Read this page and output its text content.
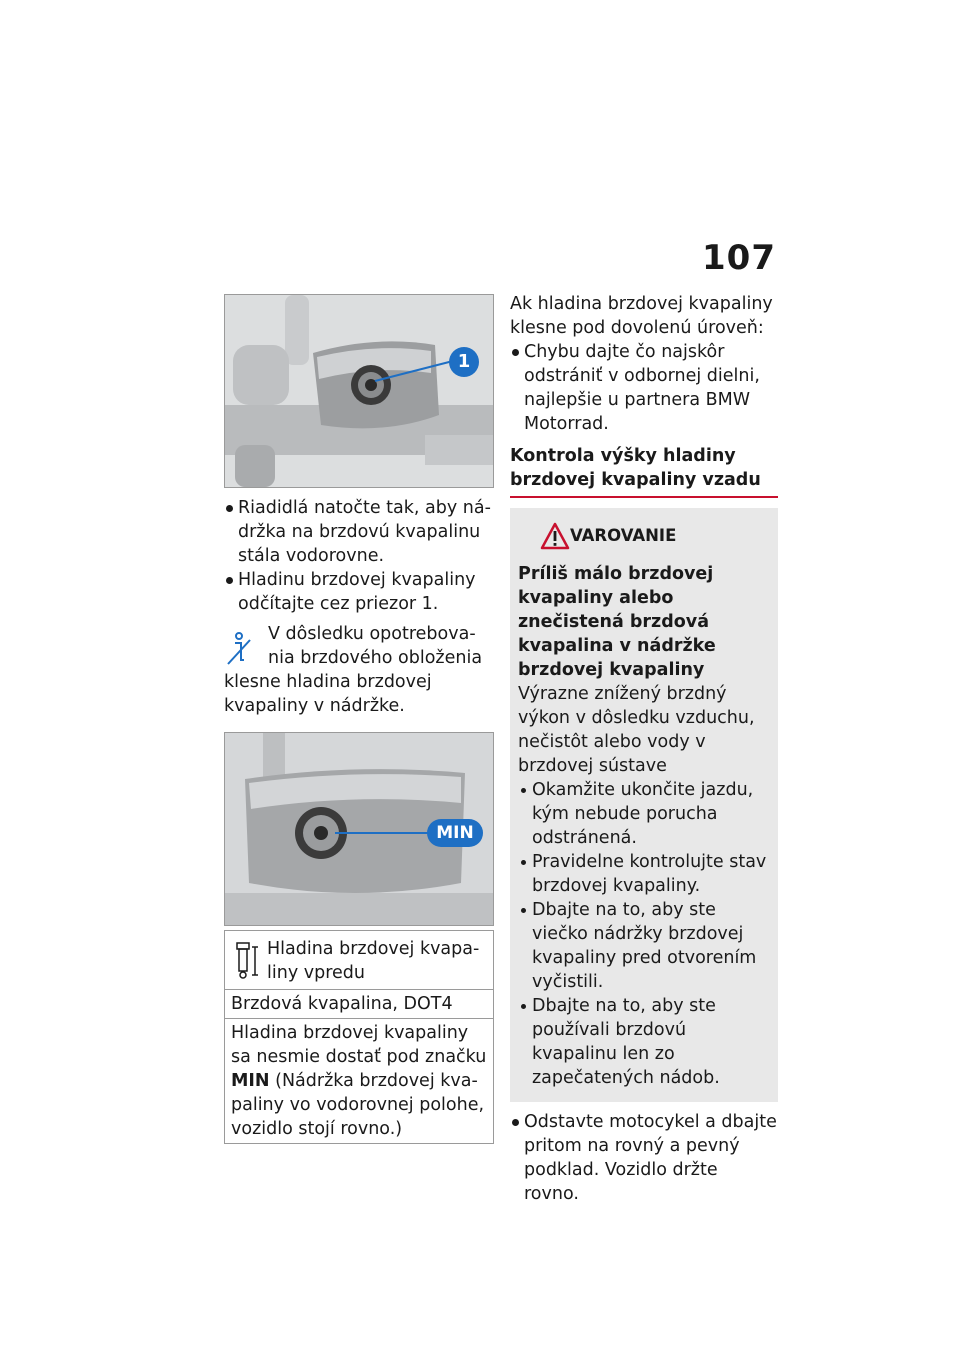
107
1
Riadidlá natočte tak, aby nádržka na brzdovú kvapalinu stála vodorovne.
Hladinu brzdovej kvapaliny odčítajte cez priezor 1.
V dôsledku opotrebovania brzdového obloženia
klesne hladina brzdovej kvapaliny v nádržke.
MIN
Hladina brzdovej kvapaliny vpredu
Brzdová kvapalina, DOT4
Hladina brzdovej kvapaliny sa nesmie dostať pod značku MIN (Nádržka brzdovej kvapaliny vo vodorovnej polohe, vozidlo stojí rovno.)
Ak hladina brzdovej kvapaliny klesne pod dovolenú úroveň:
Chybu dajte čo najskôr odstrániť v odbornej dielni, najlepšie u partnera BMW Motorrad.
Kontrola výšky hladiny brzdovej kvapaliny vzadu
VAROVANIE
Príliš málo brzdovej kvapaliny alebo znečistená brzdová kvapalina v nádržke brzdovej kvapaliny
Výrazne znížený brzdný výkon v dôsledku vzduchu, nečistôt alebo vody v brzdovej sústave
Okamžite ukončite jazdu, kým nebude porucha odstránená.
Pravidelne kontrolujte stav brzdovej kvapaliny.
Dbajte na to, aby ste viečko nádržky brzdovej kvapaliny pred otvorením vyčistili.
Dbajte na to, aby ste používali brzdovú kvapalinu len zo zapečatených nádob.
Odstavte motocykel a dbajte pritom na rovný a pevný podklad. Vozidlo držte rovno.
